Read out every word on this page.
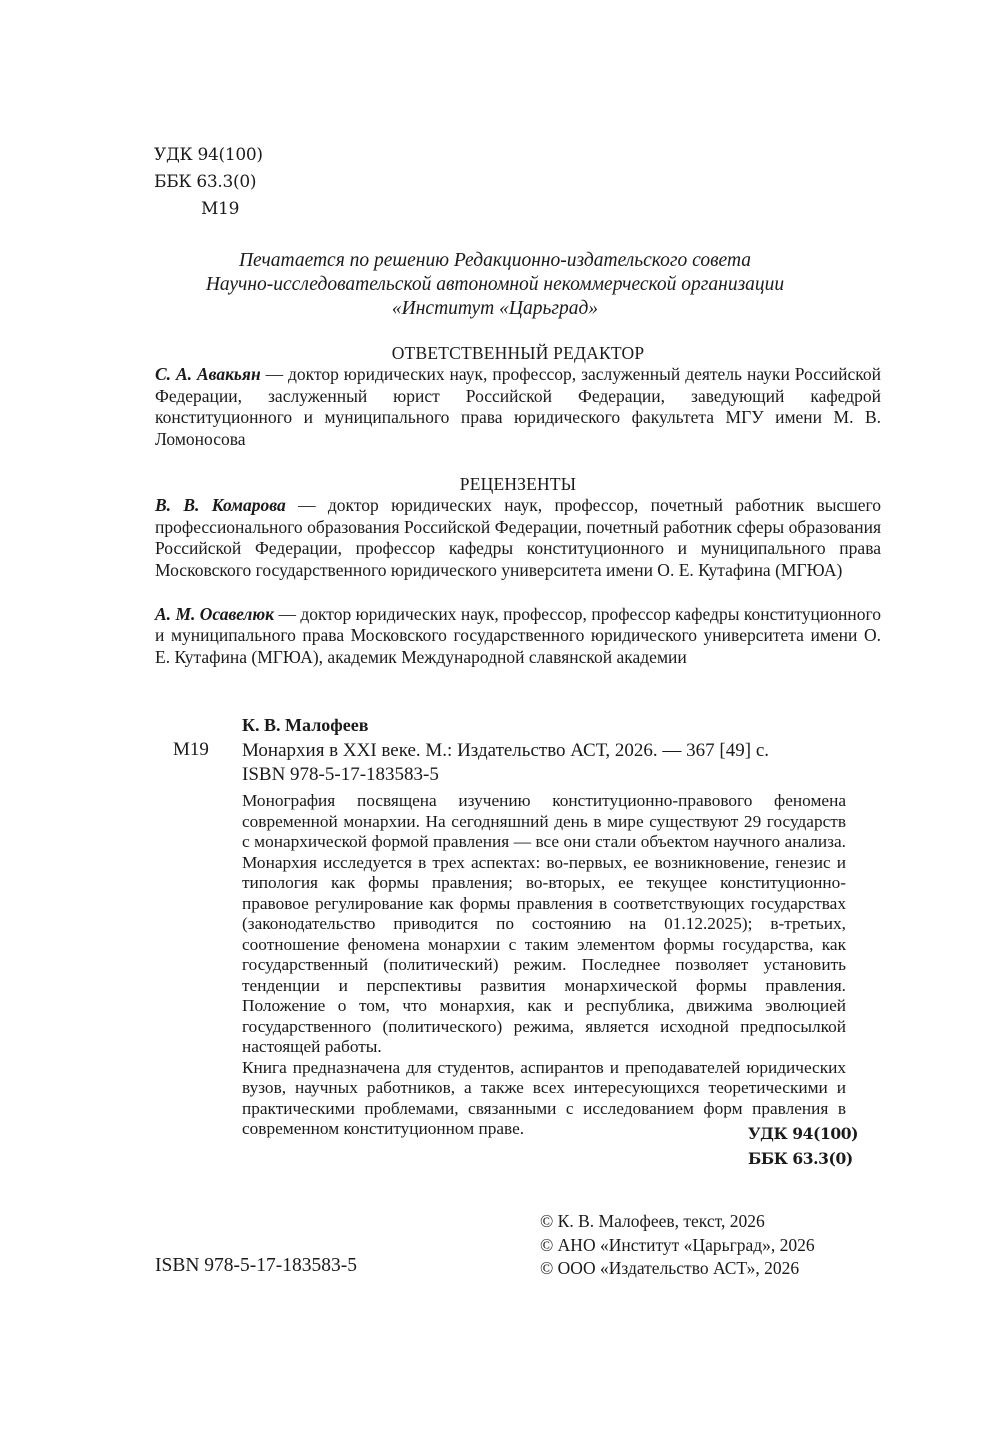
УДК 94(100)
ББК 63.3(0)
М19
Печатается по решению Редакционно-издательского совета
Научно-исследовательской автономной некоммерческой организации
«Институт «Царьград»
ОТВЕТСТВЕННЫЙ РЕДАКТОР

С. А. Авакьян — доктор юридических наук, профессор, заслуженный деятель науки Российской Федерации, заслуженный юрист Российской Федерации, заведующий кафедрой конституционного и муниципального права юридического факультета МГУ имени М. В. Ломоносова

РЕЦЕНЗЕНТЫ

В. В. Комарова — доктор юридических наук, профессор, почетный работник высшего профессионального образования Российской Федерации, почетный работник сферы образования Российской Федерации, профессор кафедры конституционного и муниципального права Московского государственного юридического университета имени О. Е. Кутафина (МГЮА)

А. М. Осавелюк — доктор юридических наук, профессор, профессор кафедры конституционного и муниципального права Московского государственного юридического университета имени О. Е. Кутафина (МГЮА), академик Международной славянской академии

К. В. Малофеев
М19 Монархия в XXI веке. М.: Издательство АСТ, 2026. — 367 [49] с.
ISBN 978-5-17-183583-5

Монография посвящена изучению конституционно-правового феномена современной монархии. На сегодняшний день в мире существуют 29 государств с монархической формой правления — все они стали объектом научного анализа. Монархия исследуется в трех аспектах: во-первых, ее возникновение, генезис и типология как формы правления; во-вторых, ее текущее конституционно-правовое регулирование как формы правления в соответствующих государствах (законодательство приводится по состоянию на 01.12.2025); в-третьих, соотношение феномена монархии с таким элементом формы государства, как государственный (политический) режим. Последнее позволяет установить тенденции и перспективы развития монархической формы правления. Положение о том, что монархия, как и республика, движима эволюцией государственного (политического) режима, является исходной предпосылкой настоящей работы.

Книга предназначена для студентов, аспирантов и преподавателей юридических вузов, научных работников, а также всех интересующихся теоретическими и практическими проблемами, связанными с исследованием форм правления в современном конституционном праве.	УДК 94(100)
ББК 63.3(0)
ISBN 978-5-17-183583-5
© К. В. Малофеев, текст, 2026
© АНО «Институт «Царьград», 2026
© ООО «Издательство АСТ», 2026
